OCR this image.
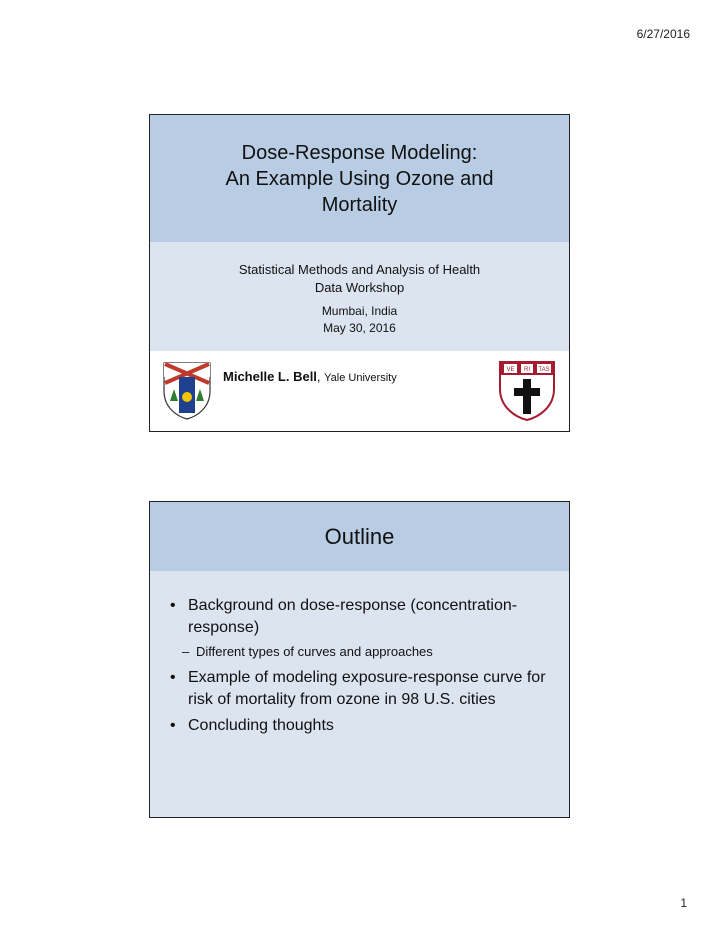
6/27/2016
Dose-Response Modeling:
An Example Using Ozone and
Mortality
Statistical Methods and Analysis of Health
Data Workshop
Mumbai, India
May 30, 2016
Michelle L. Bell, Yale University
VE RI TAS
Outline
• Background on dose-response (concentration-response)
– Different types of curves and approaches
• Example of modeling exposure-response curve for risk of mortality from ozone in 98 U.S. cities
• Concluding thoughts
1
